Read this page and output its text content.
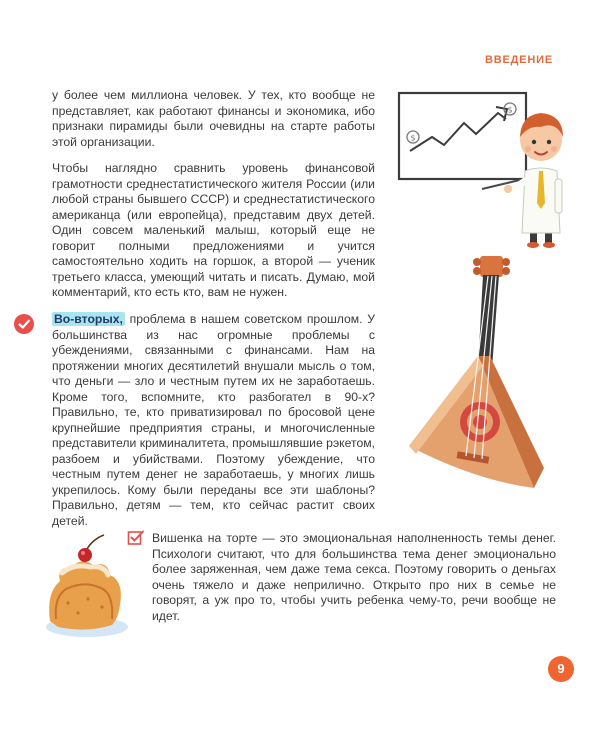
ВВЕДЕНИЕ
у более чем миллиона человек. У тех, кто вообще не представляет, как работают финансы и экономика, ибо признаки пирамиды были очевидны на старте работы этой организации.
Чтобы наглядно сравнить уровень финансовой грамотности среднестатистического жителя России (или любой страны бывшего СССР) и среднестатистического американца (или европейца), представим двух детей. Один совсем маленький малыш, который еще не говорит полными предложениями и учится самостоятельно ходить на горшок, а второй — ученик третьего класса, умеющий читать и писать. Думаю, мой комментарий, кто есть кто, вам не нужен.
Во-вторых, проблема в нашем советском прошлом. У большинства из нас огромные проблемы с убеждениями, связанными с финансами. Нам на протяжении многих десятилетий внушали мысль о том, что деньги — зло и честным путем их не заработаешь. Кроме того, вспомните, кто разбогател в 90-х? Правильно, те, кто приватизировал по бросовой цене крупнейшие предприятия страны, и многочисленные представители криминалитета, промышлявшие рэкетом, разбоем и убийствами. Поэтому убеждение, что честным путем денег не заработаешь, у многих лишь укрепилось. Кому были переданы все эти шаблоны? Правильно, детям — тем, кто сейчас растит своих детей.
Вишенка на торте — это эмоциональная наполненность темы денег. Психологи считают, что для большинства тема денег эмоционально более заряженная, чем даже тема секса. Поэтому говорить о деньгах очень тяжело и даже неприлично. Открыто про них в семье не говорят, а уж про то, чтобы учить ребенка чему-то, речи вообще не идет.
$
$
9
